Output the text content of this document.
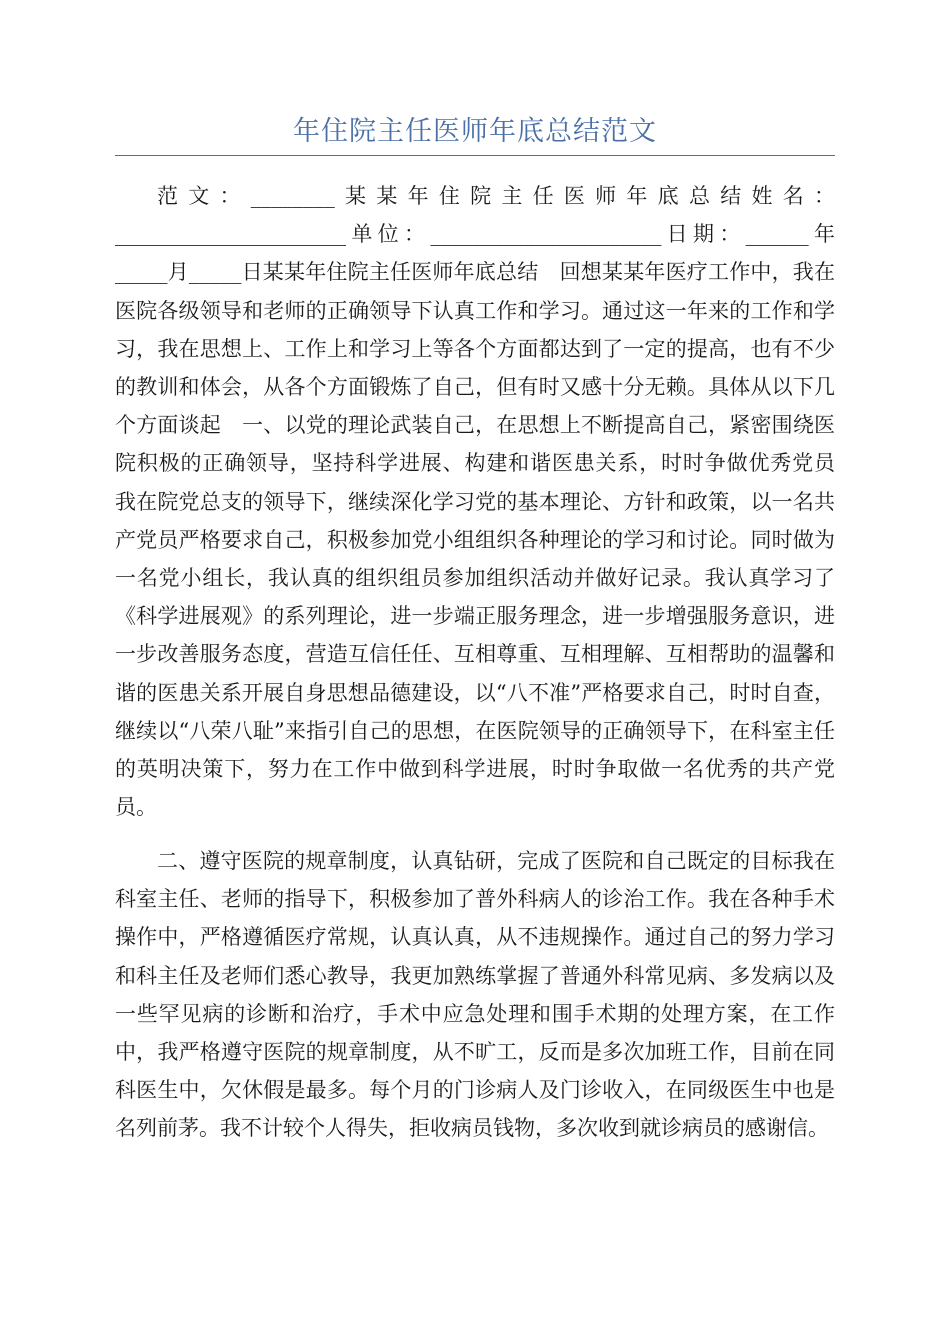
年住院主任医师年底总结范文
范文：________某某年住院主任医师年底总结姓名：______________________单位：______________________日期：______年_____月_____日某某年住院主任医师年底总结　回想某某年医疗工作中，我在医院各级领导和老师的正确领导下认真工作和学习。通过这一年来的工作和学习，我在思想上、工作上和学习上等各个方面都达到了一定的提高，也有不少的教训和体会，从各个方面锻炼了自己，但有时又感十分无赖。具体从以下几个方面谈起　一、以党的理论武装自己，在思想上不断提高自己，紧密围绕医院积极的正确领导，坚持科学进展、构建和谐医患关系，时时争做优秀党员　我在院党总支的领导下，继续深化学习党的基本理论、方针和政策，以一名共产党员严格要求自己，积极参加党小组组织各种理论的学习和讨论。同时做为一名党小组长，我认真的组织组员参加组织活动并做好记录。我认真学习了《科学进展观》的系列理论，进一步端正服务理念，进一步增强服务意识，进一步改善服务态度，营造互信任任、互相尊重、互相理解、互相帮助的温馨和谐的医患关系开展自身思想品德建设，以“八不准”严格要求自己，时时自查，继续以“八荣八耻”来指引自己的思想，在医院领导的正确领导下，在科室主任的英明决策下，努力在工作中做到科学进展，时时争取做一名优秀的共产党员。
二、遵守医院的规章制度，认真钻研，完成了医院和自己既定的目标我在科室主任、老师的指导下，积极参加了普外科病人的诊治工作。我在各种手术操作中，严格遵循医疗常规，认真认真，从不违规操作。通过自己的努力学习和科主任及老师们悉心教导，我更加熟练掌握了普通外科常见病、多发病以及一些罕见病的诊断和治疗，手术中应急处理和围手术期的处理方案，在工作中，我严格遵守医院的规章制度，从不旷工，反而是多次加班工作，目前在同科医生中，欠休假是最多。每个月的门诊病人及门诊收入，在同级医生中也是名列前茅。我不计较个人得失，拒收病员钱物，多次收到就诊病员的感谢信。
